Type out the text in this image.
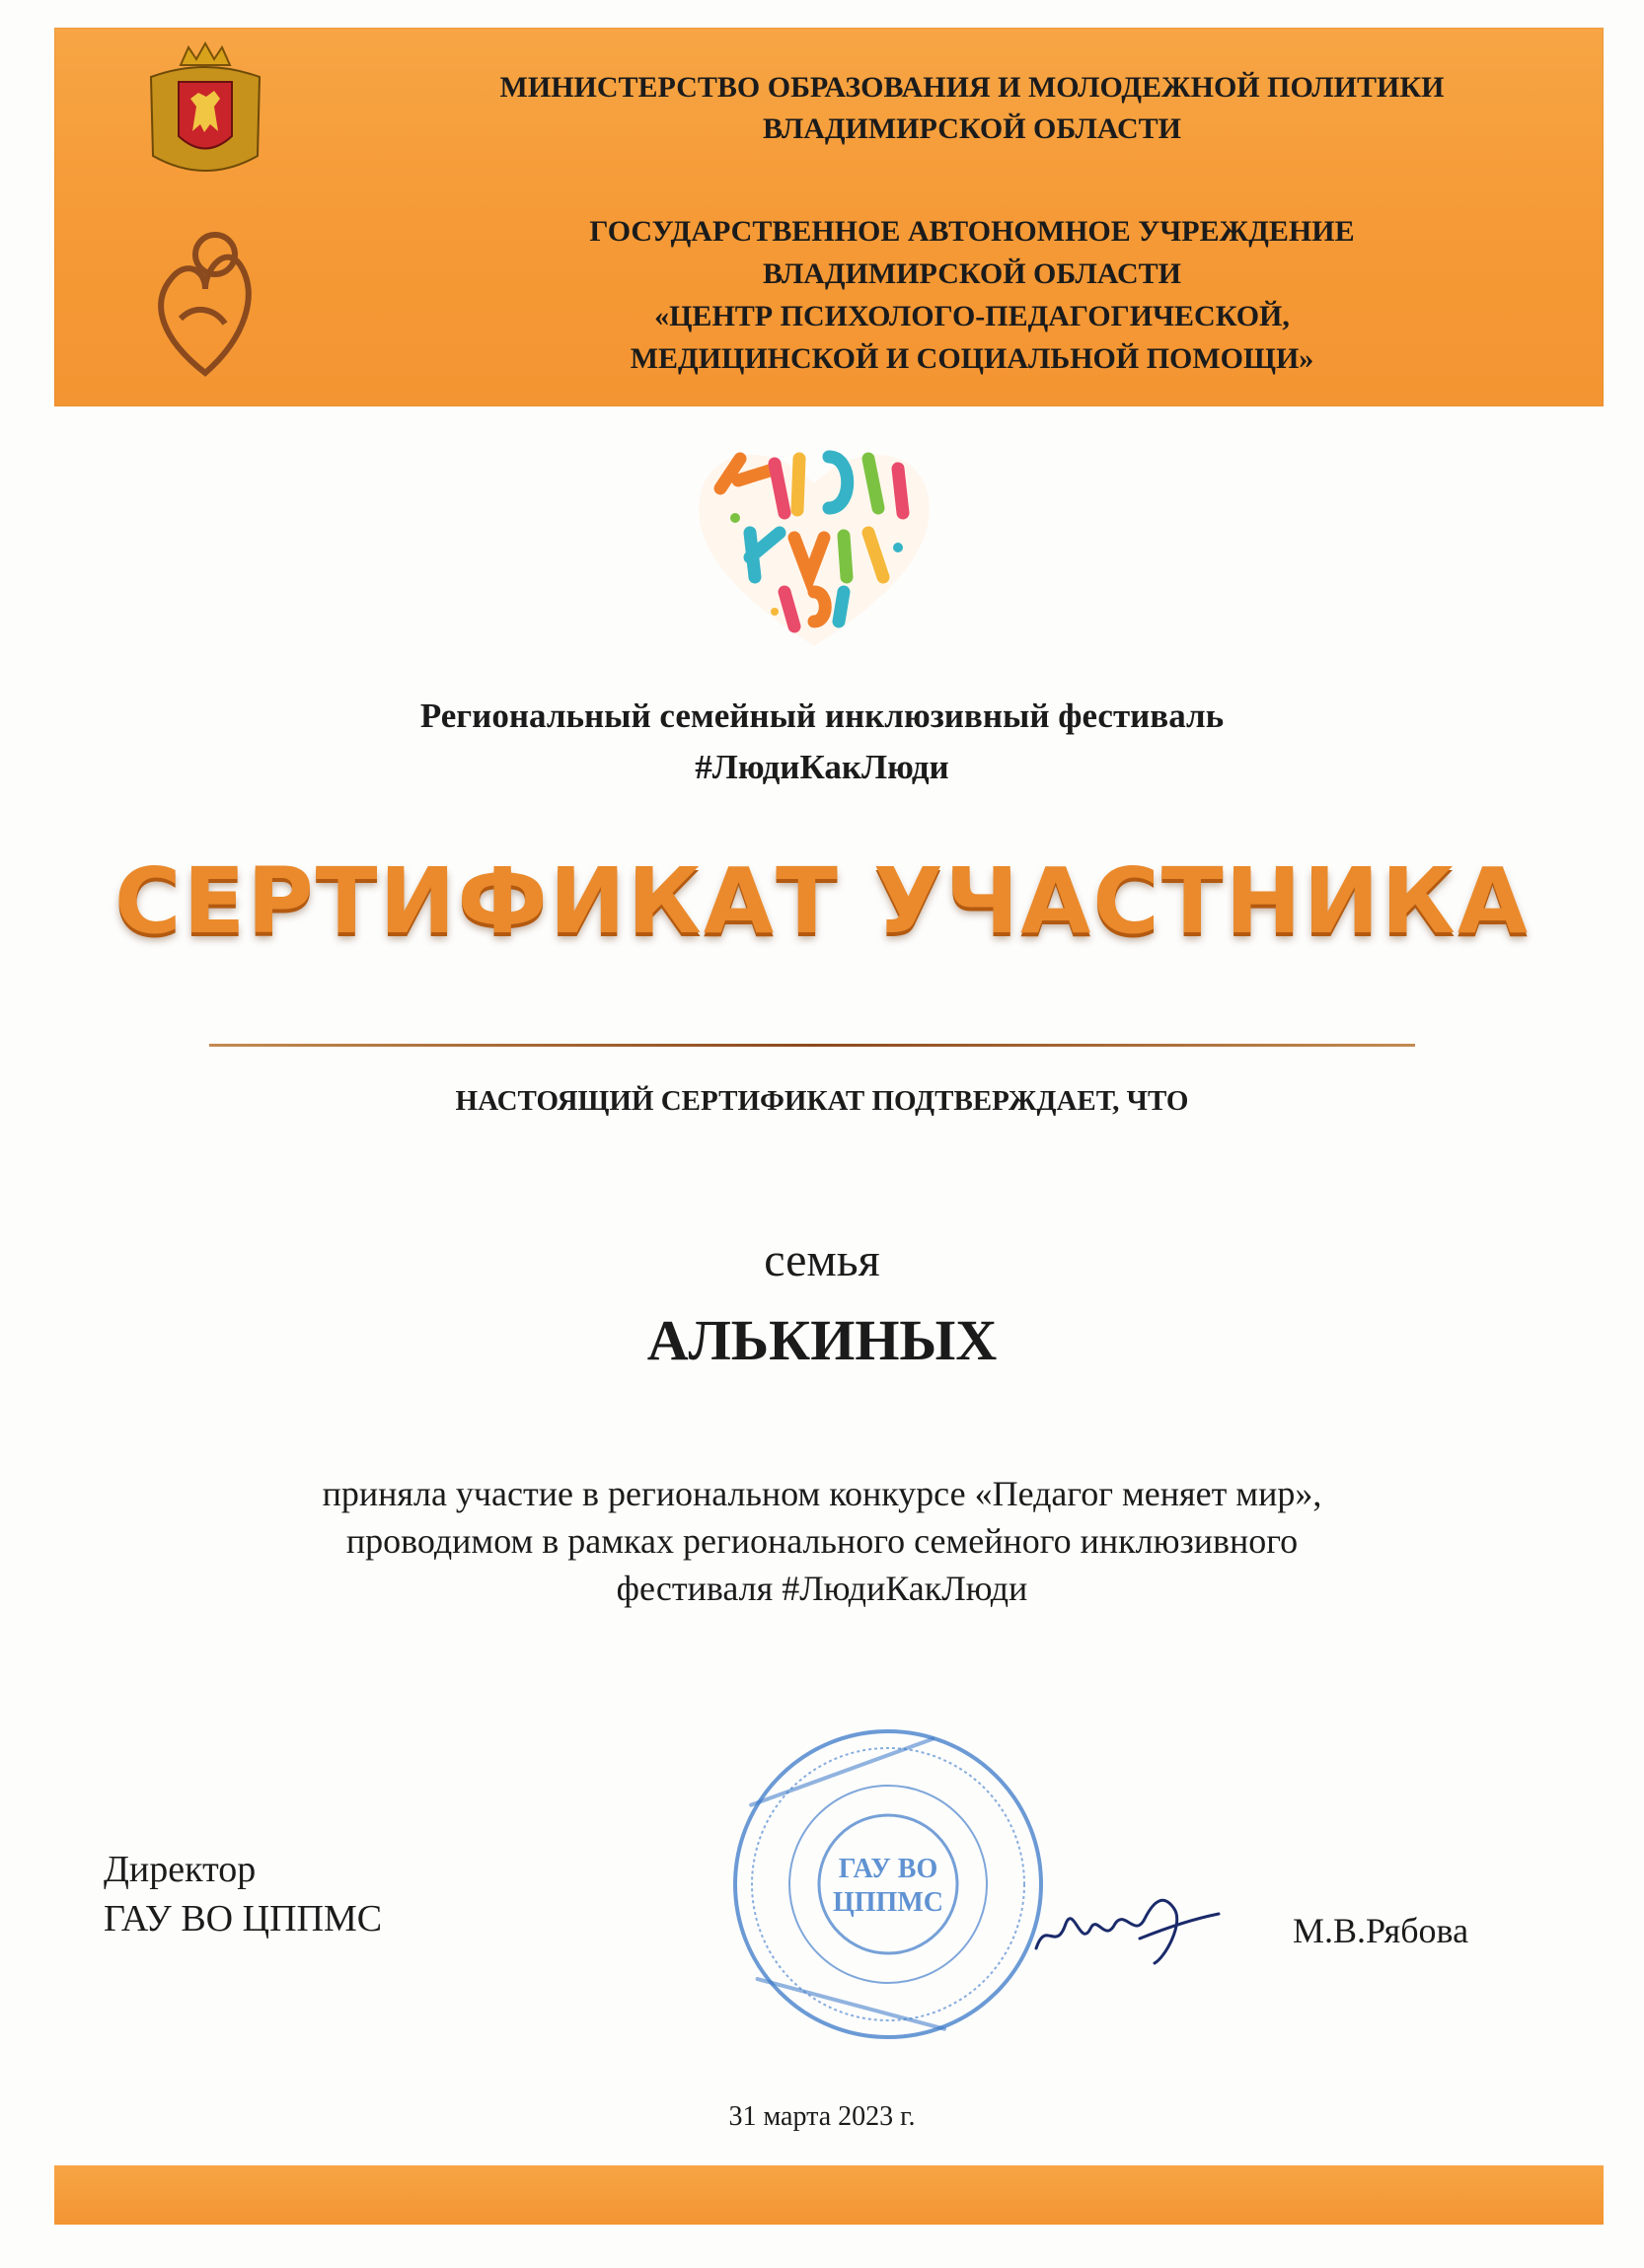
МИНИСТЕРСТВО ОБРАЗОВАНИЯ И МОЛОДЕЖНОЙ ПОЛИТИКИ
ВЛАДИМИРСКОЙ ОБЛАСТИ
ГОСУДАРСТВЕННОЕ АВТОНОМНОЕ УЧРЕЖДЕНИЕ
ВЛАДИМИРСКОЙ ОБЛАСТИ
«ЦЕНТР ПСИХОЛОГО-ПЕДАГОГИЧЕСКОЙ,
МЕДИЦИНСКОЙ И СОЦИАЛЬНОЙ ПОМОЩИ»
Региональный семейный инклюзивный фестиваль
#ЛюдиКакЛюди
СЕРТИФИКАТ УЧАСТНИКА
НАСТОЯЩИЙ СЕРТИФИКАТ ПОДТВЕРЖДАЕТ, ЧТО
семья
АЛЬКИНЫХ
приняла участие в региональном конкурсе «Педагог меняет мир»,
проводимом в рамках регионального семейного инклюзивного
фестиваля #ЛюдиКакЛюди
Директор
ГАУ ВО ЦППМС
ГАУ ВО
ЦППМС
М.В.Рябова
31 марта 2023 г.
